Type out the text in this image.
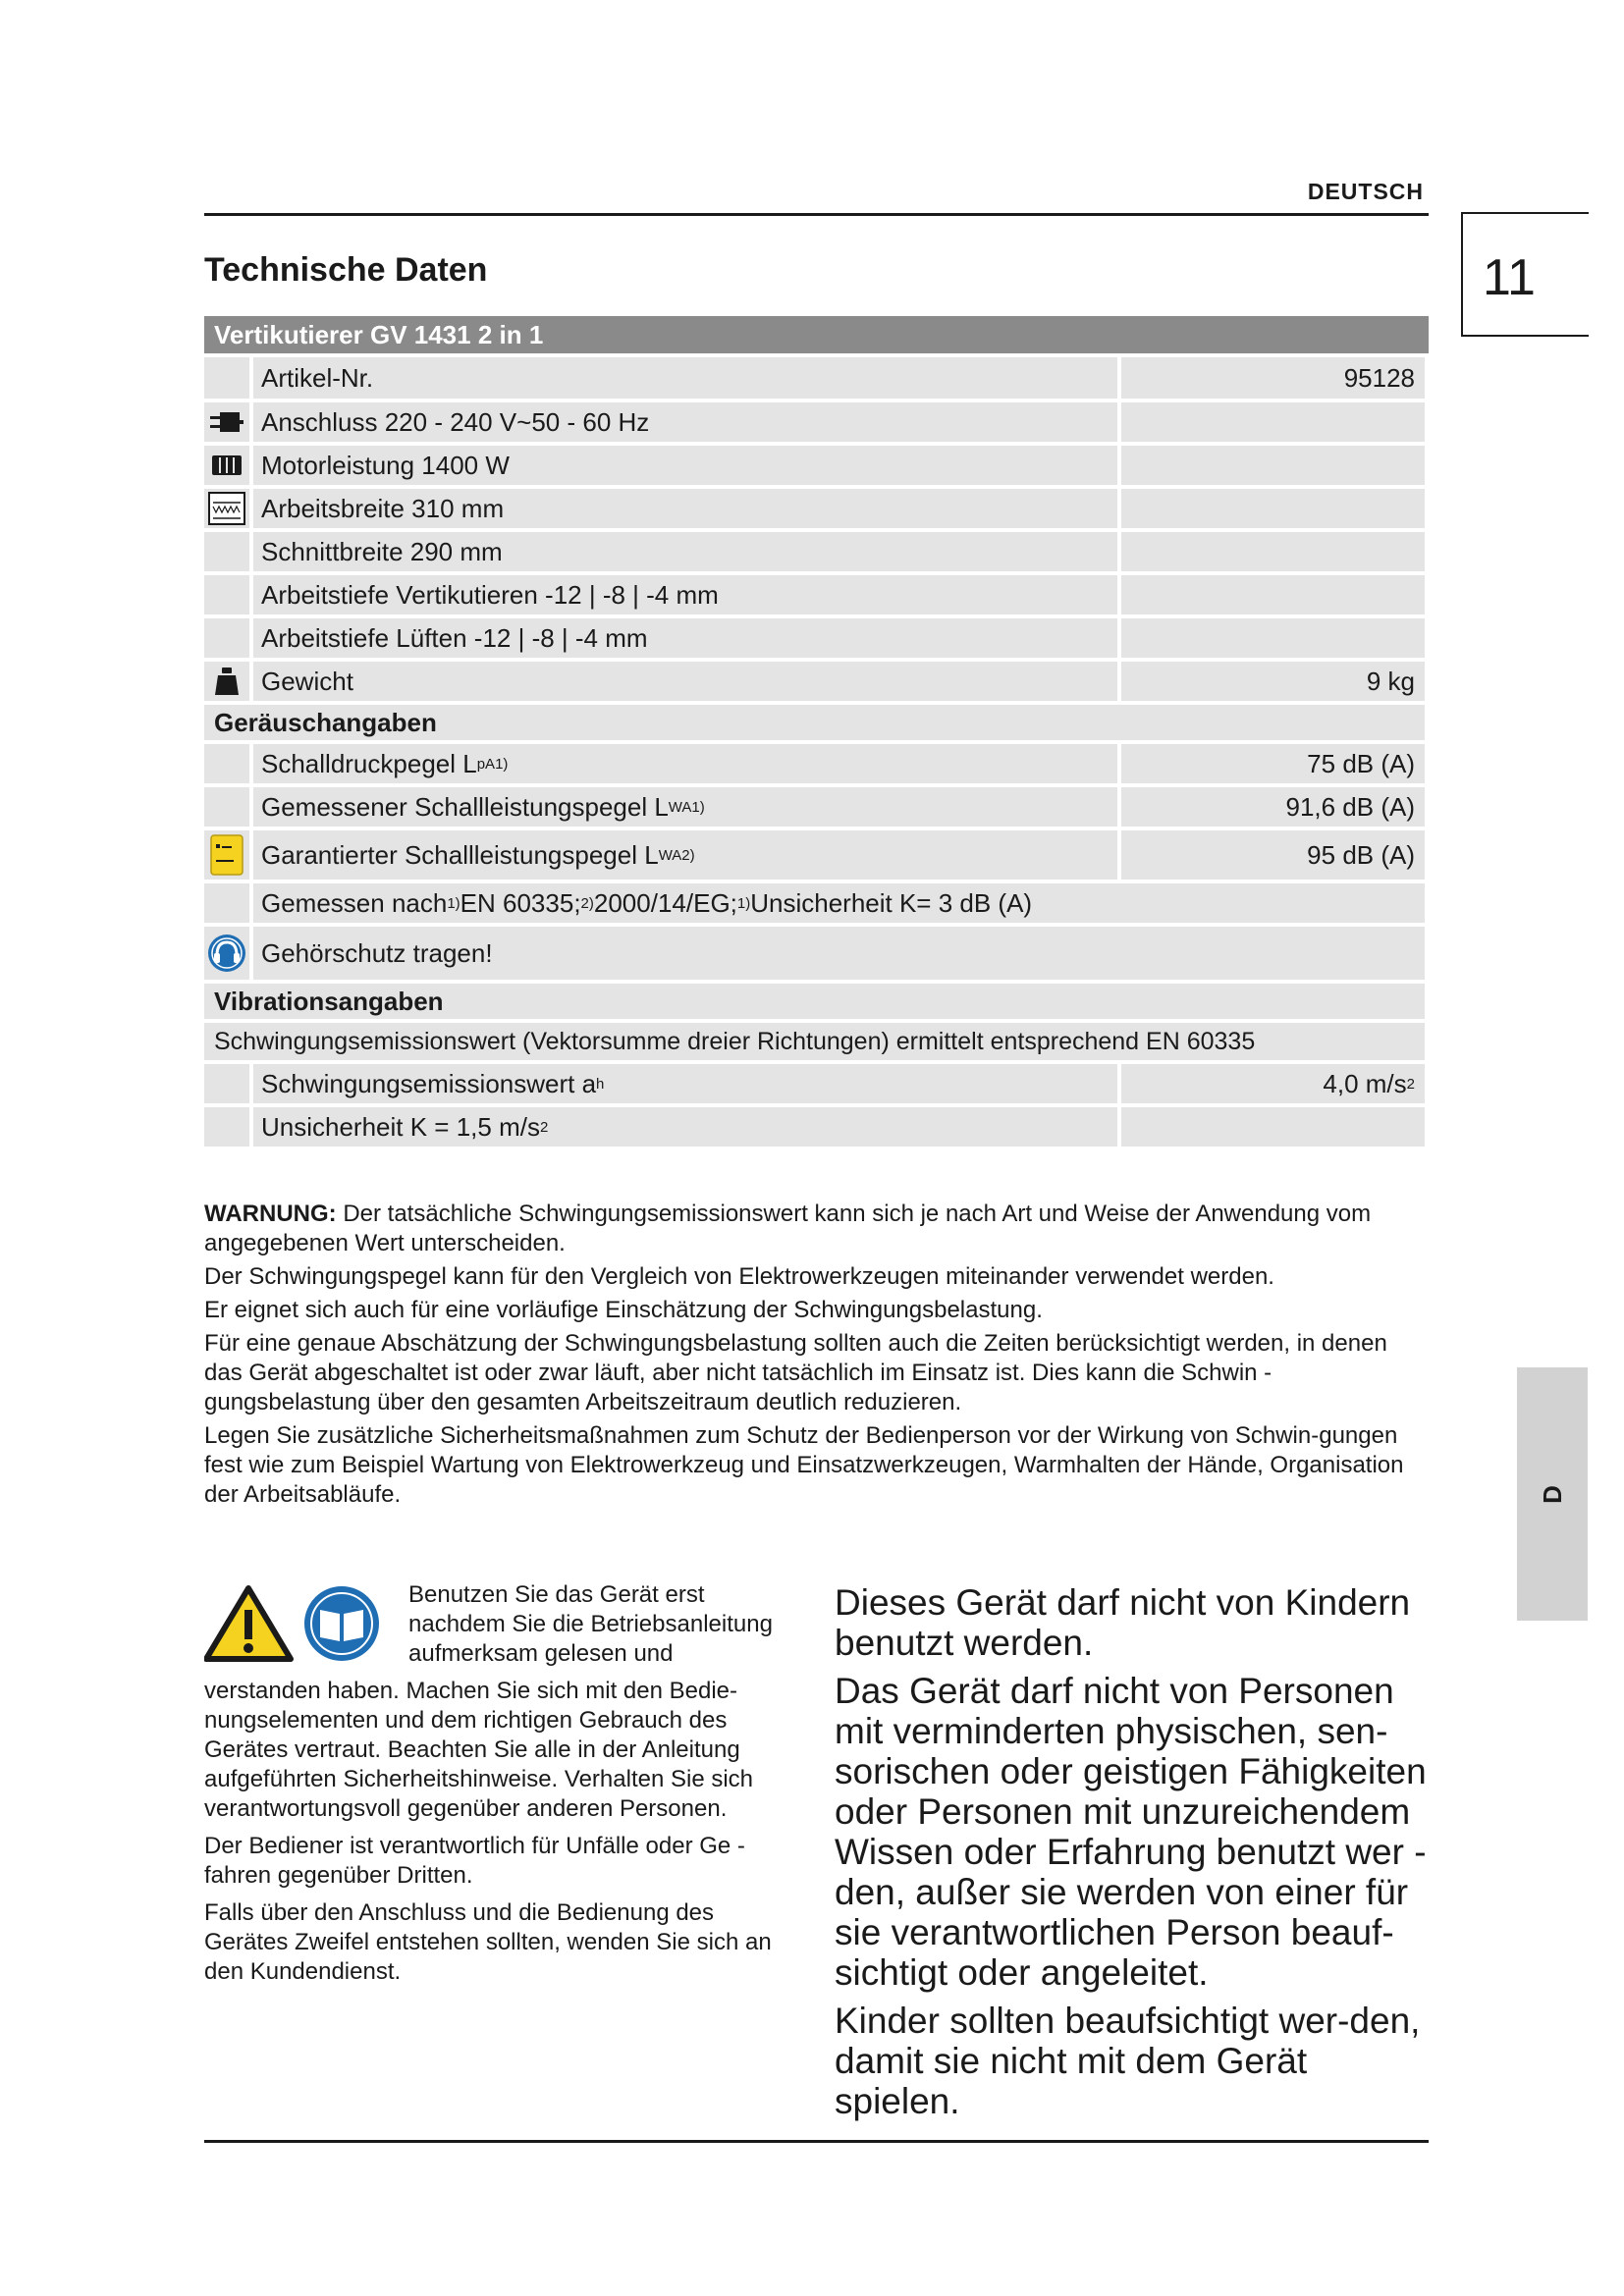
DEUTSCH
11
D
Technische Daten
Vertikutierer GV 1431 2 in 1
Artikel-Nr.	95128
Anschluss 220 - 240 V~50 - 60 Hz
Motorleistung 1400 W
Arbeitsbreite 310 mm
Schnittbreite 290 mm
Arbeitstiefe Vertikutieren -12 | -8 | -4 mm
Arbeitstiefe Lüften -12 | -8 | -4 mm
Gewicht	9 kg
Geräuschangaben
Schalldruckpegel L pA 1)	75 dB (A)
Gemessener Schallleistungspegel L WA 1)	91,6 dB (A)
Garantierter Schallleistungspegel L WA 2)	95 dB (A)
Gemessen nach 1) EN 60335; 2) 2000/14/EG; 1) Unsicherheit K= 3 dB (A)
Gehörschutz tragen!
Vibrationsangaben
Schwingungsemissionswert (Vektorsumme dreier Richtungen) ermittelt entsprechend EN 60335
Schwingungsemissionswert a h	4,0 m/s 2
Unsicherheit K = 1,5 m/s 2

WARNUNG: Der tatsächliche Schwingungsemissionswert kann sich je nach Art und Weise der Anwendung vom angegebenen Wert unterscheiden.

Der Schwingungspegel kann für den Vergleich von Elektrowerkzeugen miteinander verwendet werden.

Er eignet sich auch für eine vorläufige Einschätzung der Schwingungsbelastung.

Für eine genaue Abschätzung der Schwingungsbelastung sollten auch die Zeiten berücksichtigt werden, in denen das Gerät abgeschaltet ist oder zwar läuft, aber nicht tatsächlich im Einsatz ist. Dies kann die Schwin -gungsbelastung über den gesamten Arbeitszeitraum deutlich reduzieren.

Legen Sie zusätzliche Sicherheitsmaßnahmen zum Schutz der Bedienperson vor der Wirkung von Schwin-gungen fest wie zum Beispiel Wartung von Elektrowerkzeug und Einsatzwerkzeugen, Warmhalten der Hände, Organisation der Arbeitsabläufe.

Benutzen Sie das Gerät erst nachdem Sie die Betriebsanleitung aufmerksam gelesen und

verstanden haben. Machen Sie sich mit den Bedie-nungselementen und dem richtigen Gebrauch des Gerätes vertraut. Beachten Sie alle in der Anleitung aufgeführten Sicherheitshinweise. Verhalten Sie sich verantwortungsvoll gegenüber anderen Personen.

Der Bediener ist verantwortlich für Unfälle oder Ge - fahren gegenüber Dritten.

Falls über den Anschluss und die Bedienung des Gerätes Zweifel entstehen sollten, wenden Sie sich an den Kundendienst.

Dieses Gerät darf nicht von Kindern benutzt werden.

Das Gerät darf nicht von Personen mit verminderten physischen, sen-sorischen oder geistigen Fähigkeiten oder Personen mit unzureichendem Wissen oder Erfahrung benutzt wer - den, außer sie werden von einer für sie verantwortlichen Person beauf-sichtigt oder angeleitet.

Kinder sollten beaufsichtigt wer-den, damit sie nicht mit dem Gerät spielen.
